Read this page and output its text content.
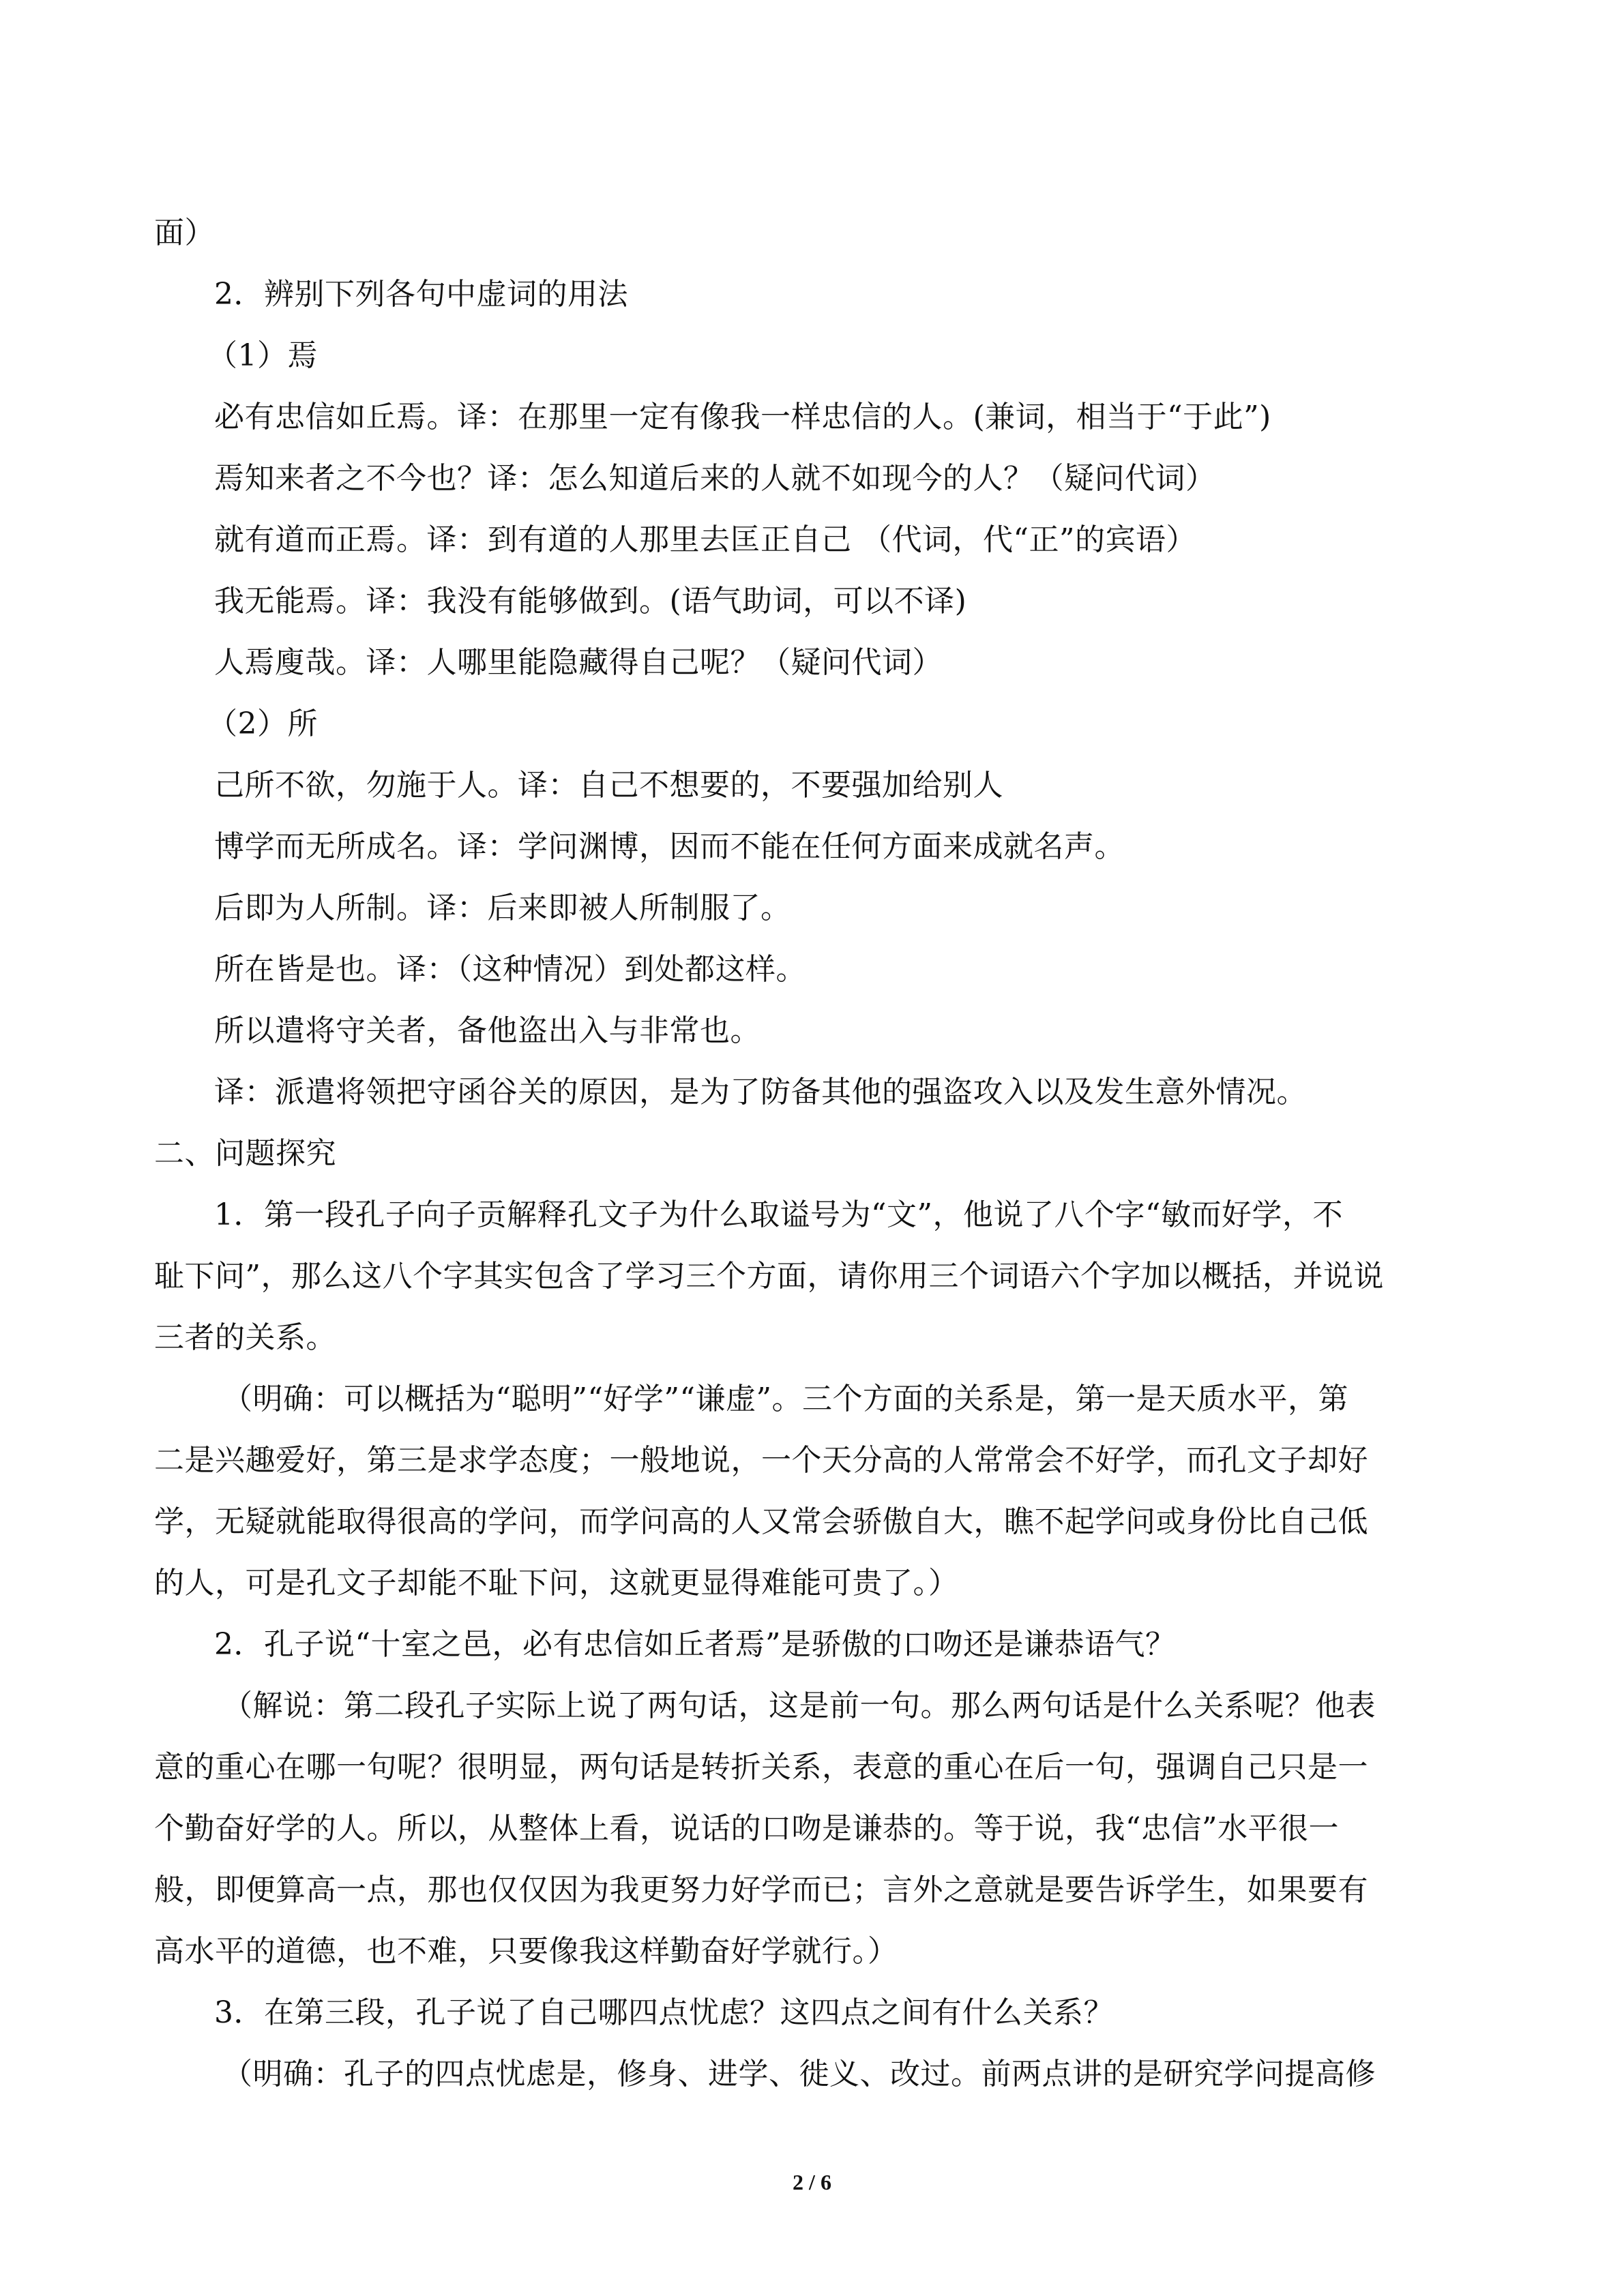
面）
2．辨别下列各句中虚词的用法
（1）焉
必有忠信如丘焉。译：在那里一定有像我一样忠信的人。(兼词，相当于“于此”)
焉知来者之不今也？译：怎么知道后来的人就不如现今的人？（疑问代词）
就有道而正焉。译：到有道的人那里去匡正自己 （代词，代“正”的宾语）
我无能焉。译：我没有能够做到。(语气助词，可以不译)
人焉廋哉。译：人哪里能隐藏得自己呢？（疑问代词）
（2）所
己所不欲，勿施于人。译：自己不想要的，不要强加给别人
博学而无所成名。译：学问渊博，因而不能在任何方面来成就名声。
后即为人所制。译：后来即被人所制服了。
所在皆是也。译：（这种情况）到处都这样。
所以遣将守关者，备他盗出入与非常也。
译：派遣将领把守函谷关的原因，是为了防备其他的强盗攻入以及发生意外情况。
二、问题探究
1．第一段孔子向子贡解释孔文子为什么取谥号为“文”，他说了八个字“敏而好学，不
耻下问”，那么这八个字其实包含了学习三个方面，请你用三个词语六个字加以概括，并说说
三者的关系。
（明确：可以概括为“聪明”“好学”“谦虚”。三个方面的关系是，第一是天质水平，第
二是兴趣爱好，第三是求学态度；一般地说，一个天分高的人常常会不好学，而孔文子却好
学，无疑就能取得很高的学问，而学问高的人又常会骄傲自大，瞧不起学问或身份比自己低
的人，可是孔文子却能不耻下问，这就更显得难能可贵了。）
2．孔子说“十室之邑，必有忠信如丘者焉”是骄傲的口吻还是谦恭语气？
（解说：第二段孔子实际上说了两句话，这是前一句。那么两句话是什么关系呢？他表
意的重心在哪一句呢？很明显，两句话是转折关系，表意的重心在后一句，强调自己只是一
个勤奋好学的人。所以，从整体上看，说话的口吻是谦恭的。等于说，我“忠信”水平很一
般，即便算高一点，那也仅仅因为我更努力好学而已；言外之意就是要告诉学生，如果要有
高水平的道德，也不难，只要像我这样勤奋好学就行。）
3．在第三段，孔子说了自己哪四点忧虑？这四点之间有什么关系？
（明确：孔子的四点忧虑是，修身、进学、徙义、改过。前两点讲的是研究学问提高修
2 / 6
